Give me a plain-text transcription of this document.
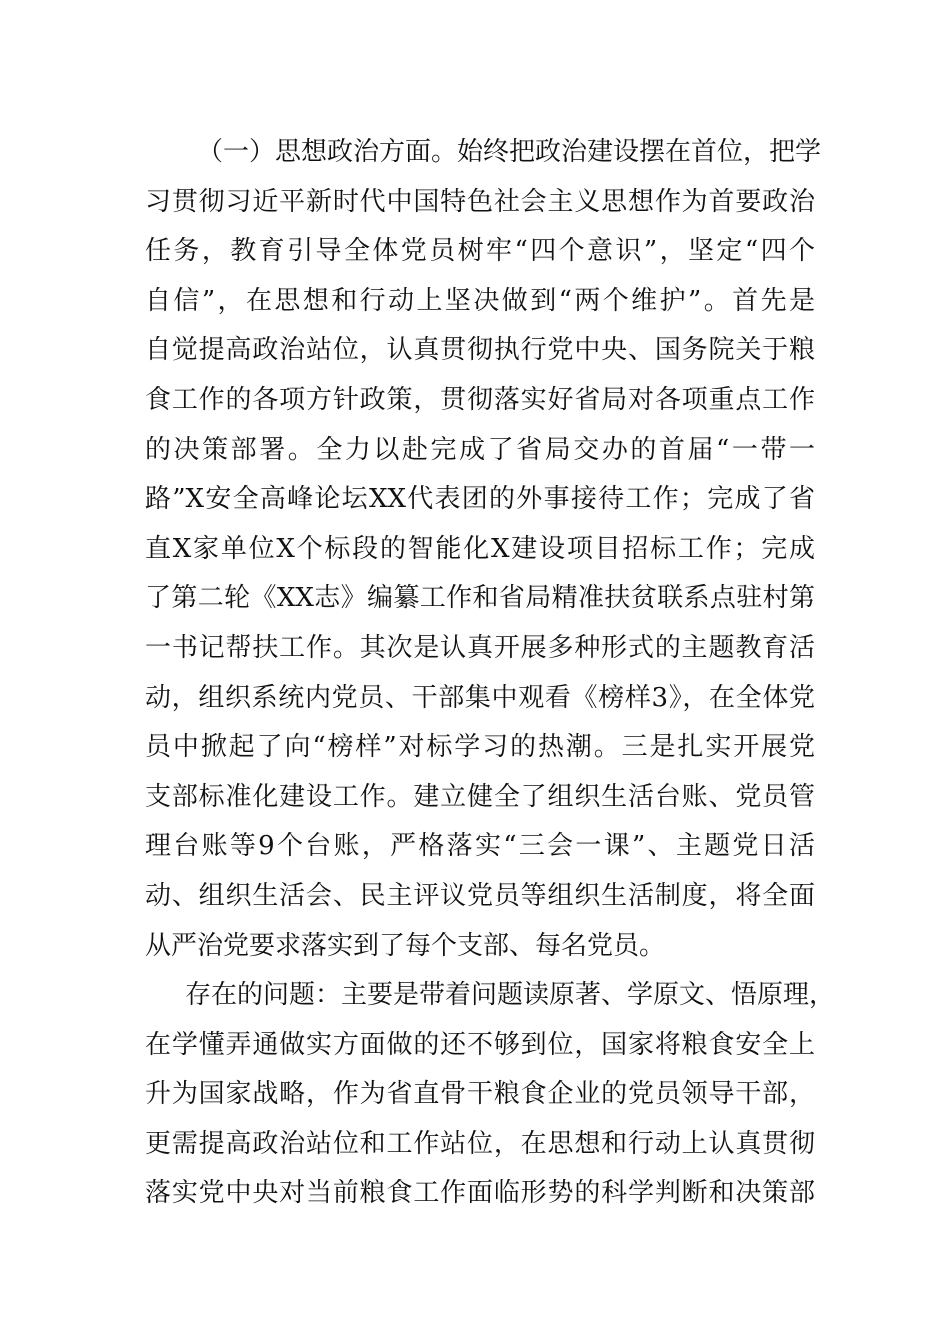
（一）思想政治方面。始终把政治建设摆在首位，把学
习贯彻习近平新时代中国特色社会主义思想作为首要政治
任务，教育引导全体党员树牢“四个意识”，坚定“四个
自信”，在思想和行动上坚决做到“两个维护”。首先是
自觉提高政治站位，认真贯彻执行党中央、国务院关于粮
食工作的各项方针政策，贯彻落实好省局对各项重点工作
的决策部署。全力以赴完成了省局交办的首届“一带一
路”X安全高峰论坛XX代表团的外事接待工作；完成了省
直X家单位X个标段的智能化X建设项目招标工作；完成
了第二轮《XX志》编纂工作和省局精准扶贫联系点驻村第
一书记帮扶工作。其次是认真开展多种形式的主题教育活
动，组织系统内党员、干部集中观看《榜样3》，在全体党
员中掀起了向“榜样”对标学习的热潮。三是扎实开展党
支部标准化建设工作。建立健全了组织生活台账、党员管
理台账等9个台账，严格落实“三会一课”、主题党日活
动、组织生活会、民主评议党员等组织生活制度，将全面
从严治党要求落实到了每个支部、每名党员。
存在的问题：主要是带着问题读原著、学原文、悟原理，
在学懂弄通做实方面做的还不够到位，国家将粮食安全上
升为国家战略，作为省直骨干粮食企业的党员领导干部，
更需提高政治站位和工作站位，在思想和行动上认真贯彻
落实党中央对当前粮食工作面临形势的科学判断和决策部
